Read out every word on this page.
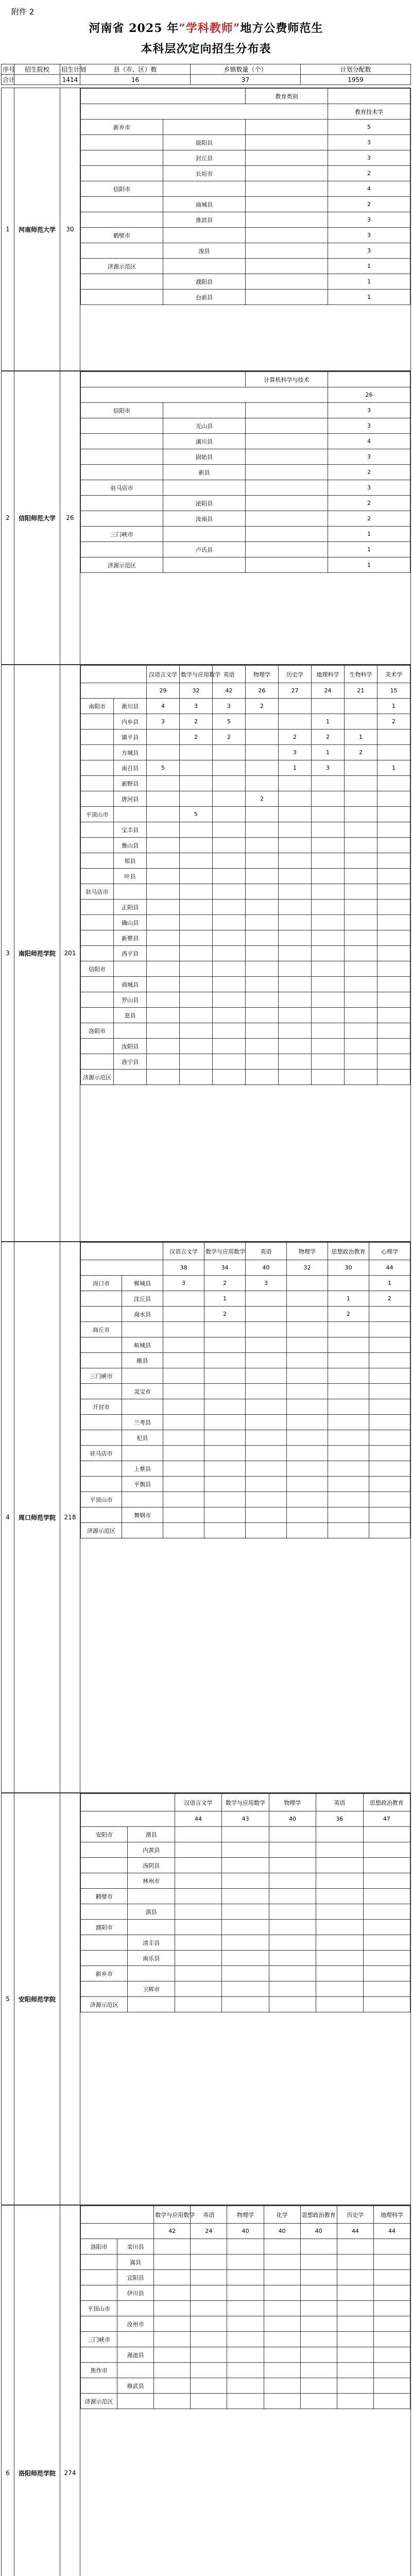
附件 2
河南省 2025 年“学科教师”地方公费师范生
本科层次定向招生分布表
序号	招生院校	招生计划	县（市、区）数	乡镇数量（个）	计划分配数
合计		1414	16	37	1959
1	河南师范大学	30	
	教育类别	
	教育技术学
新乡市			5
	原阳县		3
	封丘县		3
	长垣市		2
信阳市			4
	商城县		2
	淮滨县		3
鹤壁市			3
	浚县		3
济源示范区			1
	濮阳县		1
	台前县		1
2	信阳师范大学	26	
	计算机科学与技术	
	26
信阳市			3
	光山县		3
	潢川县		4
	固始县		3
	新县		2
驻马店市			3
	泌阳县		2
	汝南县		2
三门峡市			1
	卢氏县		1
济源示范区			1
3	南阳师范学院	201	
	汉语言文学	数学与应用数学	英语	物理学	历史学	地理科学	生物科学	美术学
	29	32	42	26	27	24	21	15
南阳市	淅川县	4	3	3	2				1
	内乡县	3	2	5			1		2
	镇平县		2	2		2	2	1	
	方城县					3	1	2	
	南召县	5				1	3		1
	新野县								
	唐河县				2				
平顶山市			5						
	宝丰县								
	鲁山县								
	郏县								
	叶县								
驻马店市									
	正阳县								
	确山县								
	新蔡县								
	西平县								
信阳市									
	商城县								
	罗山县								
	息县								
洛阳市									
	汝阳县								
	洛宁县								
济源示范区									
4	周口师范学院	218	
	汉语言文学	数学与应用数学	英语	物理学	思想政治教育	心理学
	38	34	40	32	30	44
周口市	郸城县	3	2	3			1
	沈丘县		1			1	2
	商水县		2			2	
商丘市							
	柘城县						
	睢县						
三门峡市							
	灵宝市						
开封市							
	兰考县						
	杞县						
驻马店市							
	上蔡县						
	平舆县						
平顶山市							
	舞钢市						
济源示范区							
5	安阳师范学院		
	汉语言文学	数学与应用数学	物理学	英语	思想政治教育
	44	43	40	36	47
安阳市	滑县					
	内黄县					
	汤阴县					
	林州市					
鹤壁市						
	淇县					
濮阳市						
	清丰县					
	南乐县					
新乡市						
	卫辉市					
济源示范区						
6	洛阳师范学院	274	
	数学与应用数学	英语	物理学	化学	思想政治教育	历史学	地理科学
	42	24	40	40	40	44	44
洛阳市	栾川县							
	嵩县							
	宜阳县							
	伊川县							
平顶山市								
	汝州市							
三门峡市								
	渑池县							
焦作市								
	修武县							
济源示范区								
